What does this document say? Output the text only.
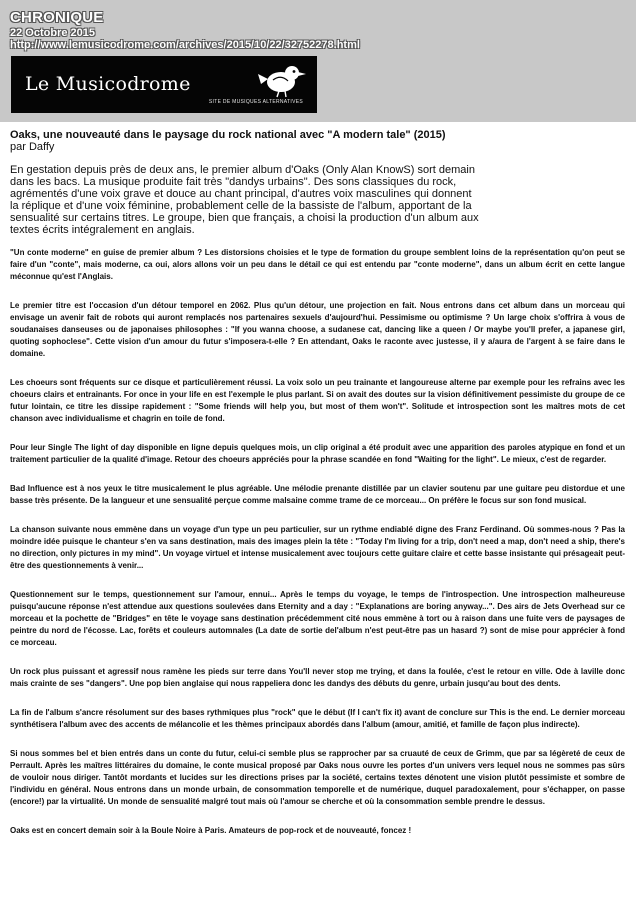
CHRONIQUE

22 Octobre 2015

http://www.lemusicodrome.com/archives/2015/10/22/32752278.html

Le Musicodrome
SITE DE MUSIQUES ALTERNATIVES

Oaks, une nouveauté dans le paysage du rock national avec "A modern tale" (2015)

par Daffy

En gestation depuis près de deux ans, le premier album d'Oaks (Only Alan KnowS) sort demain dans les bacs. La musique produite fait très "dandys urbains". Des sons classiques du rock, agrémentés d'une voix grave et douce au chant principal, d'autres voix masculines qui donnent la réplique et d'une voix féminine, probablement celle de la bassiste de l'album, apportant de la sensualité sur certains titres. Le groupe, bien que français, a choisi la production d'un album aux textes écrits intégralement en anglais.

"Un conte moderne" en guise de premier album ? Les distorsions choisies et le type de formation du groupe semblent loins de la représentation qu'on peut se faire d'un "conte", mais moderne, ca oui, alors allons voir un peu dans le détail ce qui est entendu par "conte moderne", dans un album écrit en cette langue méconnue qu'est l'Anglais.

Le premier titre est l'occasion d'un détour temporel en 2062. Plus qu'un détour, une projection en fait. Nous entrons dans cet album dans un morceau qui envisage un avenir fait de robots qui auront remplacés nos partenaires sexuels d'aujourd'hui. Pessimisme ou optimisme ? Un large choix s'offrira à vous de soudanaises danseuses ou de japonaises philosophes : "If you wanna choose, a sudanese cat, dancing like a queen / Or maybe you'll prefer, a japanese girl, quoting sophoclese". Cette vision d'un amour du futur s'imposera-t-elle ? En attendant, Oaks le raconte avec justesse, il y a/aura de l'argent à se faire dans le domaine.

Les choeurs sont fréquents sur ce disque et particulièrement réussi. La voix solo un peu trainante et langoureuse alterne par exemple pour les refrains avec les choeurs clairs et entrainants. For once in your life en est l'exemple le plus parlant. Si on avait des doutes sur la vision définitivement pessimiste du groupe de ce futur lointain, ce titre les dissipe rapidement : "Some friends will help you, but most of them won't". Solitude et introspection sont les maîtres mots de cet chanson avec individualisme et chagrin en toile de fond.

Pour leur Single The light of day disponible en ligne depuis quelques mois, un clip original a été produit avec une apparition des paroles atypique en fond et un traitement particulier de la qualité d'image. Retour des choeurs appréciés pour la phrase scandée en fond "Waiting for the light". Le mieux, c'est de regarder.

Bad Influence est à nos yeux le titre musicalement le plus agréable. Une mélodie prenante distillée par un clavier soutenu par une guitare peu distordue et une basse très présente. De la langueur et une sensualité perçue comme malsaine comme trame de ce morceau... On préfère le focus sur son fond musical.

La chanson suivante nous emmène dans un voyage d'un type un peu particulier, sur un rythme endiablé digne des Franz Ferdinand. Où sommes-nous ? Pas la moindre idée puisque le chanteur s'en va sans destination, mais des images plein la tête : "Today I'm living for a trip, don't need a map, don't need a ship, there's no direction, only pictures in my mind". Un voyage virtuel et intense musicalement avec toujours cette guitare claire et cette basse insistante qui présageait peut-être des questionnements à venir...

Questionnement sur le temps, questionnement sur l'amour, ennui... Après le temps du voyage, le temps de l'introspection. Une introspection malheureuse puisqu'aucune réponse n'est attendue aux questions soulevées dans Eternity and a day : "Explanations are boring anyway...". Des airs de Jets Overhead sur ce morceau et la pochette de "Bridges" en tête le voyage sans destination précédemment cité nous emmène à tort ou à raison dans une fuite vers de paysages de peintre du nord de l'écosse. Lac, forêts et couleurs automnales (La date de sortie del'album n'est peut-être pas un hasard ?) sont de mise pour apprécier à fond ce morceau.

Un rock plus puissant et agressif nous ramène les pieds sur terre dans You'll never stop me trying, et dans la foulée, c'est le retour en ville. Ode à laville donc mais crainte de ses "dangers". Une pop bien anglaise qui nous rappeliera donc les dandys des débuts du genre, urbain jusqu'au bout des dents.

La fin de l'album s'ancre résolument sur des bases rythmiques plus "rock" que le début (If I can't fix it) avant de conclure sur This is the end. Le dernier morceau synthétisera l'album avec des accents de mélancolie et les thèmes principaux abordés dans l'album (amour, amitié, et famille de façon plus indirecte).

Si nous sommes bel et bien entrés dans un conte du futur, celui-ci semble plus se rapprocher par sa cruauté de ceux de Grimm, que par sa légèreté de ceux de Perrault. Après les maîtres littéraires du domaine, le conte musical proposé par Oaks nous ouvre les portes d'un univers vers lequel nous ne sommes pas sûrs de vouloir nous diriger. Tantôt mordants et lucides sur les directions prises par la société, certains textes dénotent une vision plutôt pessimiste et sombre de l'individu en général. Nous entrons dans un monde urbain, de consommation temporelle et de numérique, duquel paradoxalement, pour s'échapper, on passe (encore!) par la virtualité. Un monde de sensualité malgré tout mais où l'amour se cherche et où la consommation semble prendre le dessus.

Oaks est en concert demain soir à la Boule Noire à Paris. Amateurs de pop-rock et de nouveauté, foncez !
